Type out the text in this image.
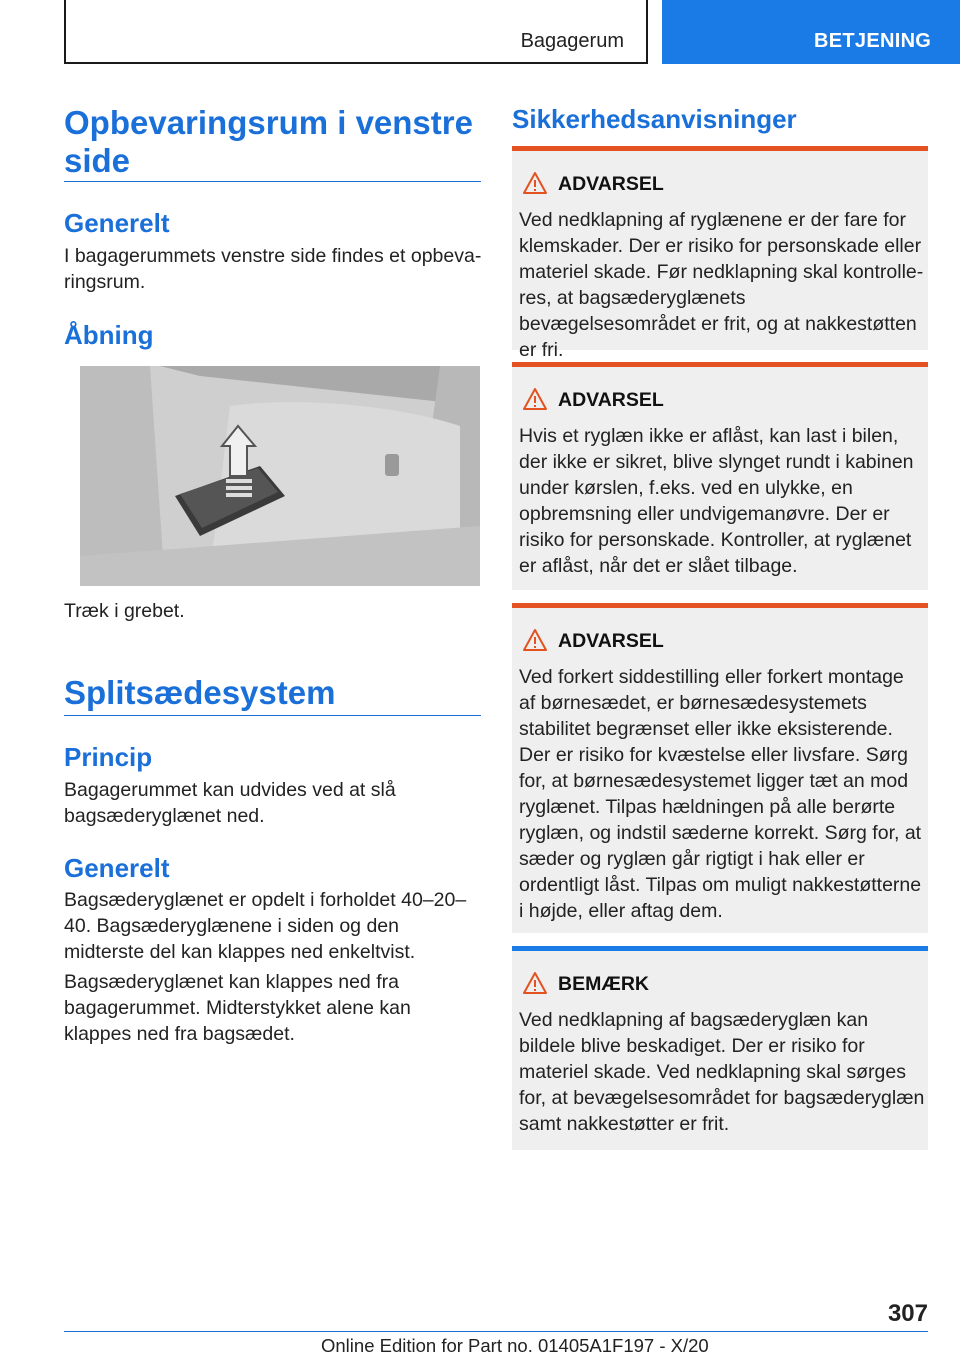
Bagagerum	BETJENING
Opbevaringsrum i venstre side
Generelt

I bagagerummets venstre side findes et opbevaringsrum.

Åbning

Træk i grebet.

Splitsædesystem
Princip

Bagagerummet kan udvides ved at slå bagsæderyglænet ned.

Generelt

Bagsæderyglænet er opdelt i forholdet 40–20–40. Bagsæderyglænene i siden og den midterste del kan klappes ned enkeltvist.

Bagsæderyglænet kan klappes ned fra bagagerummet. Midterstykket alene kan klappes ned fra bagsædet.

Sikkerhedsanvisninger
ADVARSEL
Ved nedklapning af ryglænene er der fare for klemskader. Der er risiko for personskade eller materiel skade. Før nedklapning skal kontrolleres, at bagsæderyglænets bevægelsesområdet er frit, og at nakkestøtten er fri.
ADVARSEL
Hvis et ryglæn ikke er aflåst, kan last i bilen, der ikke er sikret, blive slynget rundt i kabinen under kørslen, f.eks. ved en ulykke, en opbremsning eller undvigemanøvre. Der er risiko for personskade. Kontroller, at ryglænet er aflåst, når det er slået tilbage.
ADVARSEL
Ved forkert siddestilling eller forkert montage af børnesædet, er børnesædesystemets stabilitet begrænset eller ikke eksisterende. Der er risiko for kvæstelse eller livsfare. Sørg for, at børnesædesystemet ligger tæt an mod ryglænet. Tilpas hældningen på alle berørte ryglæn, og indstil sæderne korrekt. Sørg for, at sæder og ryglæn går rigtigt i hak eller er ordentligt låst. Tilpas om muligt nakkestøtterne i højde, eller aftag dem.
BEMÆRK
Ved nedklapning af bagsæderyglæn kan bildele blive beskadiget. Der er risiko for materiel skade. Ved nedklapning skal sørges for, at bevægelsesområdet for bagsæderyglæn samt nakkestøtter er frit.
307
Online Edition for Part no. 01405A1F197 - X/20
